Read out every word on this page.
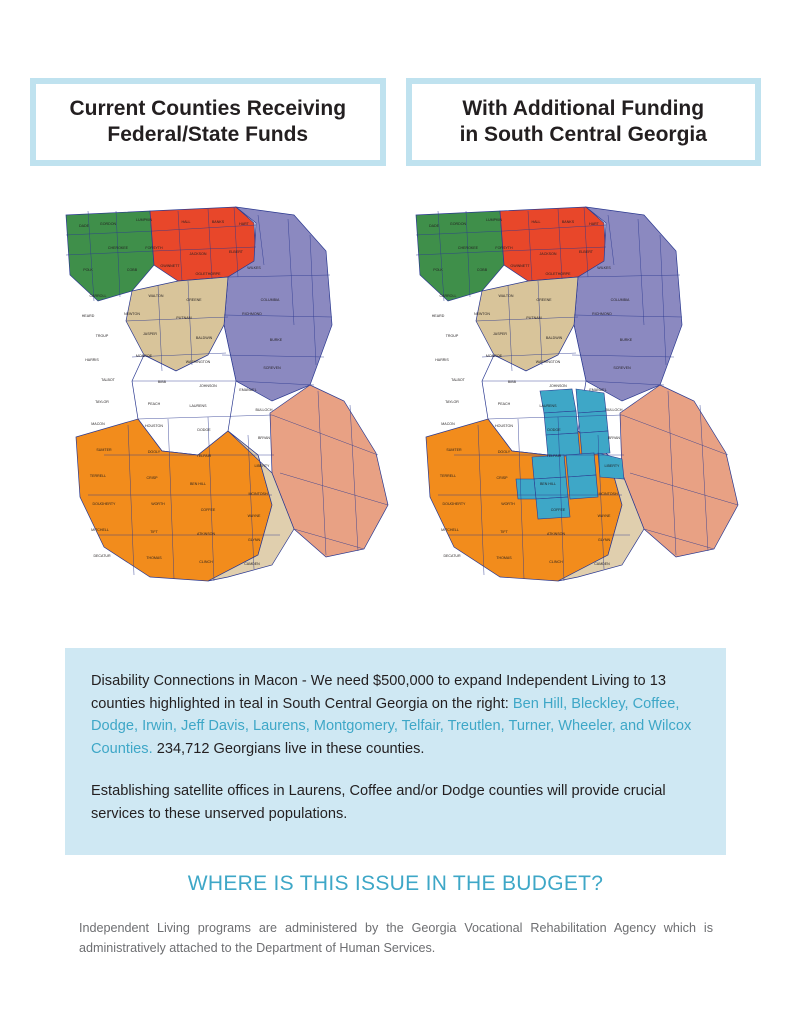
Current Counties Receiving
Federal/State Funds
With Additional Funding
in South Central Georgia
DADE	GORDON
LUMPKIN	HALL	BANKS	HART
CHEROKEE	FORSYTH
JACKSON	ELBERT
POLK	COBB
GWINNETT
OGLETHORPE
WILKES
CARROLL	WALTON
GREENE	COLUMBIA
HEARD	NEWTON
PUTNAM
RICHMOND
TROUP	JASPER
BALDWIN	BURKE
HARRIS
MONROE
WASHINGTON
SCREVEN
TALBOT	BIBB
JOHNSON
EMANUEL
TAYLOR	PEACH	LAURENS
BULLOCH
MACON	HOUSTON
DODGE
BRYAN
SUMTER	DOOLY
TELFAIR
LIBERTY
TERRELL	CRISP
BEN HILL
MCINTOSH
DOUGHERTY	WORTH
COFFEE
WAYNE
MITCHELL	TIFT	ATKINSON
GLYNN
DECATUR	THOMAS
CLINCH	CAMDEN
DADE	GORDON
LUMPKIN	HALL	BANKS	HART
CHEROKEE	FORSYTH
JACKSON	ELBERT
POLK	COBB
GWINNETT
OGLETHORPE
WILKES
CARROLL	WALTON
GREENE	COLUMBIA
HEARD	NEWTON
PUTNAM
RICHMOND
TROUP	JASPER
BALDWIN	BURKE
HARRIS
MONROE
WASHINGTON
SCREVEN
TALBOT	BIBB
JOHNSON
EMANUEL
TAYLOR	PEACH	LAURENS
BULLOCH
MACON	HOUSTON
DODGE
BRYAN
SUMTER	DOOLY
TELFAIR
LIBERTY
TERRELL	CRISP
BEN HILL
MCINTOSH
DOUGHERTY	WORTH
COFFEE
WAYNE
MITCHELL	TIFT	ATKINSON
GLYNN
DECATUR	THOMAS
CLINCH	CAMDEN

Disability Connections in Macon - We need $500,000 to expand Independent Living to 13 counties highlighted in teal in South Central Georgia on the right: Ben Hill, Bleckley, Coffee, Dodge, Irwin, Jeff Davis, Laurens, Montgomery, Telfair, Treutlen, Turner, Wheeler, and Wilcox Counties. 234,712 Georgians live in these counties.

Establishing satellite offices in Laurens, Coffee and/or Dodge counties will provide crucial services to these unserved populations.

WHERE IS THIS ISSUE IN THE BUDGET?
Independent Living programs are administered by the Georgia Vocational Rehabilitation Agency which is administratively attached to the Department of Human Services.
